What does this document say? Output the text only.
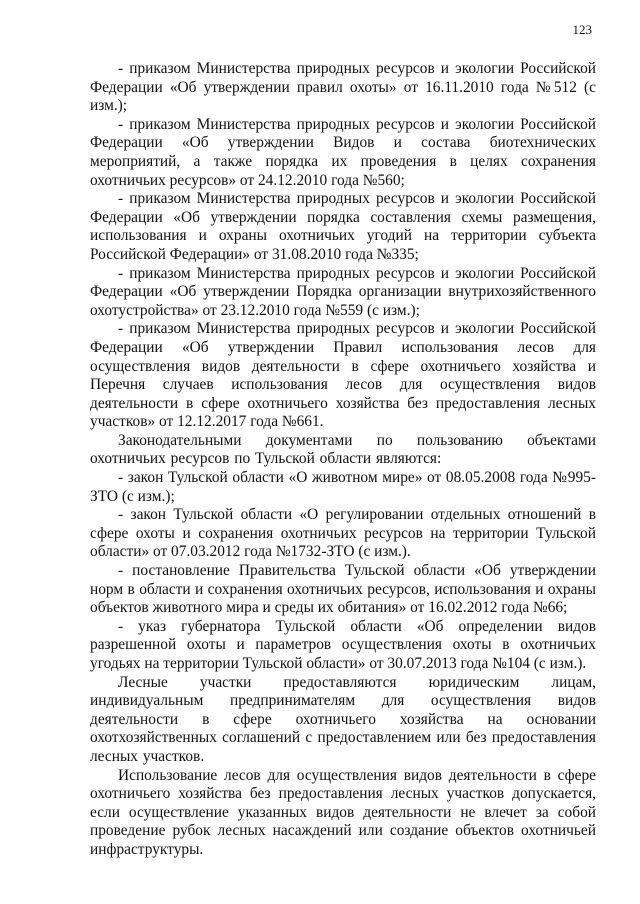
123

- приказом Министерства природных ресурсов и экологии Российской Федерации «Об утверждении правил охоты» от 16.11.2010 года №512 (с изм.);

- приказом Министерства природных ресурсов и экологии Российской Федерации «Об утверждении Видов и состава биотехнических мероприятий, а также порядка их проведения в целях сохранения охотничьих ресурсов» от 24.12.2010 года №560;

- приказом Министерства природных ресурсов и экологии Российской Федерации «Об утверждении порядка составления схемы размещения, использования и охраны охотничьих угодий на территории субъекта Российской Федерации» от 31.08.2010 года №335;

- приказом Министерства природных ресурсов и экологии Российской Федерации «Об утверждении Порядка организации внутрихозяйственного охотустройства» от 23.12.2010 года №559 (с изм.);

- приказом Министерства природных ресурсов и экологии Российской Федерации «Об утверждении Правил использования лесов для осуществления видов деятельности в сфере охотничьего хозяйства и Перечня случаев использования лесов для осуществления видов деятельности в сфере охотничьего хозяйства без предоставления лесных участков» от 12.12.2017 года №661.

Законодательными документами по пользованию объектами охотничьих ресурсов по Тульской области являются:

- закон Тульской области «О животном мире» от 08.05.2008 года №995-ЗТО (с изм.);

- закон Тульской области «О регулировании отдельных отношений в сфере охоты и сохранения охотничьих ресурсов на территории Тульской области» от 07.03.2012 года №1732-ЗТО (с изм.).

- постановление Правительства Тульской области «Об утверждении норм в области и сохранения охотничьих ресурсов, использования и охраны объектов животного мира и среды их обитания» от 16.02.2012 года №66;

- указ губернатора Тульской области «Об определении видов разрешенной охоты и параметров осуществления охоты в охотничьих угодьях на территории Тульской области» от 30.07.2013 года №104 (с изм.).

Лесные участки предоставляются юридическим лицам, индивидуальным предпринимателям для осуществления видов деятельности в сфере охотничьего хозяйства на основании охотхозяйственных соглашений с предоставлением или без предоставления лесных участков.

Использование лесов для осуществления видов деятельности в сфере охотничьего хозяйства без предоставления лесных участков допускается, если осуществление указанных видов деятельности не влечет за собой проведение рубок лесных насаждений или создание объектов охотничьей инфраструктуры.
